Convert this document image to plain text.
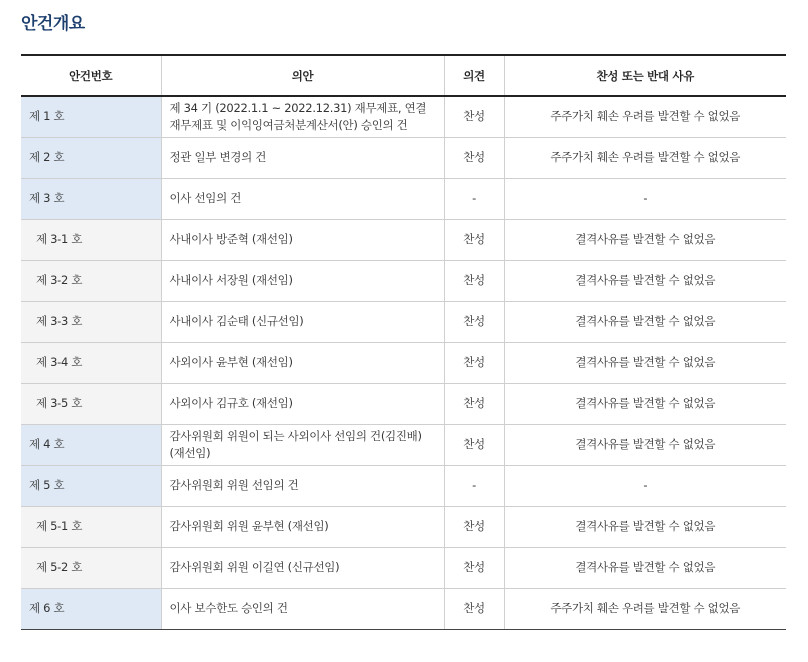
안건개요
안건번호	의안	의견	찬성 또는 반대 사유
제 1 호	제 34 기 (2022.1.1 ~ 2022.12.31) 재무제표, 연결재무제표 및 이익잉여금처분계산서(안) 승인의 건	찬성	주주가치 훼손 우려를 발견할 수 없었음
제 2 호	정관 일부 변경의 건	찬성	주주가치 훼손 우려를 발견할 수 없었음
제 3 호	이사 선임의 건	-	-
제 3-1 호	사내이사 방준혁 (재선임)	찬성	결격사유를 발견할 수 없었음
제 3-2 호	사내이사 서장원 (재선임)	찬성	결격사유를 발견할 수 없었음
제 3-3 호	사내이사 김순태 (신규선임)	찬성	결격사유를 발견할 수 없었음
제 3-4 호	사외이사 윤부현 (재선임)	찬성	결격사유를 발견할 수 없었음
제 3-5 호	사외이사 김규호 (재선임)	찬성	결격사유를 발견할 수 없었음
제 4 호	감사위원회 위원이 되는 사외이사 선임의 건(김진배)(재선임)	찬성	결격사유를 발견할 수 없었음
제 5 호	감사위원회 위원 선임의 건	-	-
제 5-1 호	감사위원회 위원 윤부현 (재선임)	찬성	결격사유를 발견할 수 없었음
제 5-2 호	감사위원회 위원 이길연 (신규선임)	찬성	결격사유를 발견할 수 없었음
제 6 호	이사 보수한도 승인의 건	찬성	주주가치 훼손 우려를 발견할 수 없었음
